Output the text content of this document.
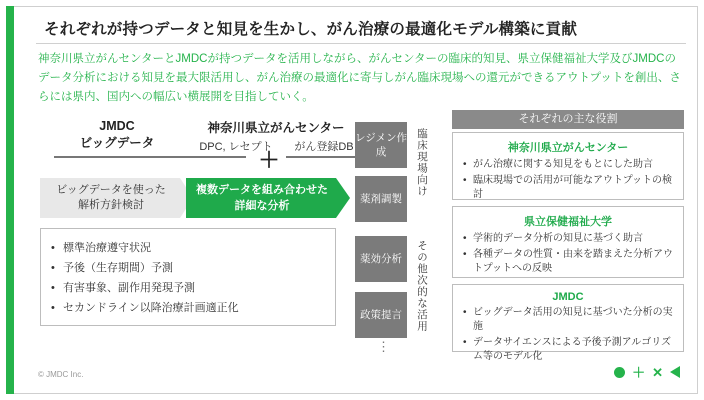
それぞれが持つデータと知見を生かし、がん治療の最適化モデル構築に貢献
神奈川県立がんセンターとJMDCが持つデータを活用しながら、がんセンターの臨床的知見、県立保健福祉大学及びJMDCのデータ分析における知見を最大限活用し、がん治療の最適化に寄与しがん臨床現場への還元ができるアウトプットを創出、さらには県内、国内への幅広い横展開を目指していく。
JMDC
ビッグデータ
神奈川県立がんセンター
DPC, レセプト
＋
がん登録DB
ビッグデータを使った
解析方針検討
複数データを組み合わせた
詳細な分析
• 標準治療遵守状況
• 予後（生存期間）予測
• 有害事象、副作用発現予測
• セカンドライン以降治療計画適正化
レジメン作成
薬剤調製
薬効分析
政策提言
臨床現場向け
その他次的な活用
⋮
それぞれの主な役割
神奈川県立がんセンター
• がん治療に関する知見をもとにした助言
• 臨床現場での活用が可能なアウトプットの検討
県立保健福祉大学
• 学術的データ分析の知見に基づく助言
• 各種データの性質・由来を踏まえた分析アウトプットへの反映
JMDC
• ビッグデータ活用の知見に基づいた分析の実施
• データサイエンスによる予後予測アルゴリズム等のモデル化
© JMDC Inc.	＋ ✕
